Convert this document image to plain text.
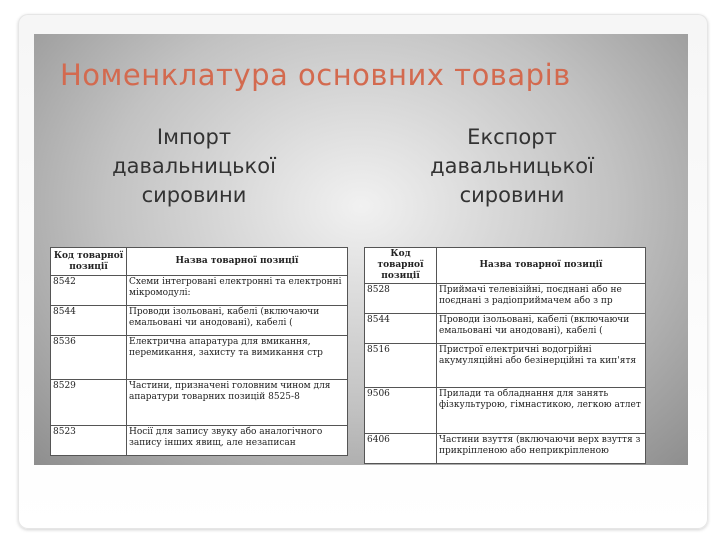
Номенклатура основних товарів
Імпорт
давальницької
сировини
Експорт
давальницької
сировини
Код товарної позиції	Назва товарної позиції
8542	Схеми інтегровані електронні та електронні мікромодулі:
8544	Проводи ізольовані, кабелі (включаючи емальовані чи анодовані), кабелі (
8536	Електрична апаратура для вмикання, перемикання, захисту та вимикання стр
8529	Частини, призначені головним чином для апаратури товарних позицій 8525-8
8523	Носії для запису звуку або аналогічного запису інших явищ, але незаписан
Код товарної позиції	Назва товарної позиції
8528	Приймачі телевізійні, поєднані або не поєднані з радіоприймачем або з пр
8544	Проводи ізольовані, кабелі (включаючи емальовані чи анодовані), кабелі (
8516	Пристрої електричні водогрійні акумуляційні або безінерційні та кип'ятя
9506	Прилади та обладнання для занять фізкультурою, гімнастикою, легкою атлет
6406	Частини взуття (включаючи верх взуття з прикріпленою або неприкріпленою
